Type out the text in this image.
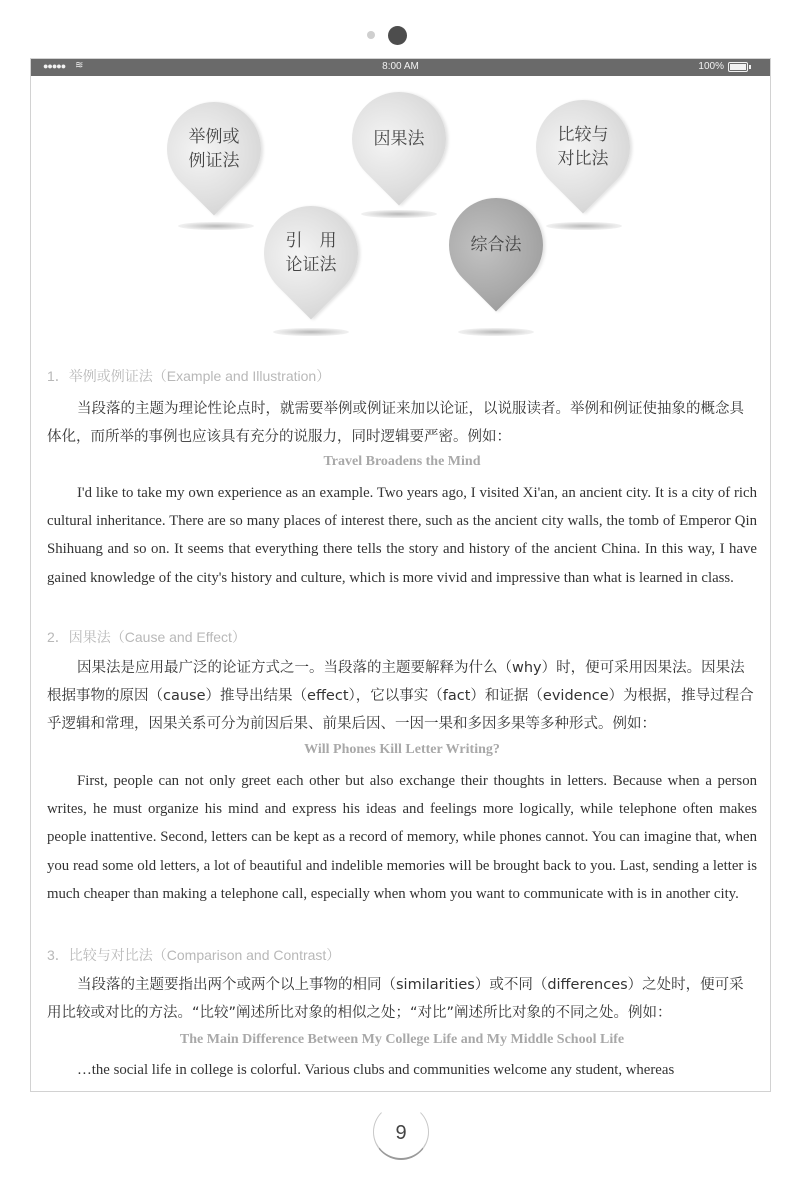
●●●●● ≋	8:00 AM	100%
举例或
例证法
因果法	比较与
对比法
引　用
论证法
综合法
1．举例或例证法（Example and Illustration）
当段落的主题为理论性论点时，就需要举例或例证来加以论证，以说服读者。举例和例证使抽象的概念具体化，而所举的事例也应该具有充分的说服力，同时逻辑要严密。例如：
Travel Broadens the Mind
I'd like to take my own experience as an example. Two years ago, I visited Xi'an, an ancient city. It is a city of rich cultural inheritance. There are so many places of interest there, such as the ancient city walls, the tomb of Emperor Qin Shihuang and so on. It seems that everything there tells the story and history of the ancient China. In this way, I have gained knowledge of the city's history and culture, which is more vivid and impressive than what is learned in class.
2．因果法（Cause and Effect）
因果法是应用最广泛的论证方式之一。当段落的主题要解释为什么（why）时，便可采用因果法。因果法根据事物的原因（cause）推导出结果（effect），它以事实（fact）和证据（evidence）为根据，推导过程合乎逻辑和常理，因果关系可分为前因后果、前果后因、一因一果和多因多果等多种形式。例如：
Will Phones Kill Letter Writing?
First, people can not only greet each other but also exchange their thoughts in letters. Because when a person writes, he must organize his mind and express his ideas and feelings more logically, while telephone often makes people inattentive. Second, letters can be kept as a record of memory, while phones cannot. You can imagine that, when you read some old letters, a lot of beautiful and indelible memories will be brought back to you. Last, sending a letter is much cheaper than making a telephone call, especially when whom you want to communicate with is in another city.
3．比较与对比法（Comparison and Contrast）
当段落的主题要指出两个或两个以上事物的相同（similarities）或不同（differences）之处时，便可采用比较或对比的方法。“比较”阐述所比对象的相似之处；“对比”阐述所比对象的不同之处。例如：
The Main Difference Between My College Life and My Middle School Life
…the social life in college is colorful. Various clubs and communities welcome any student, whereas
9
